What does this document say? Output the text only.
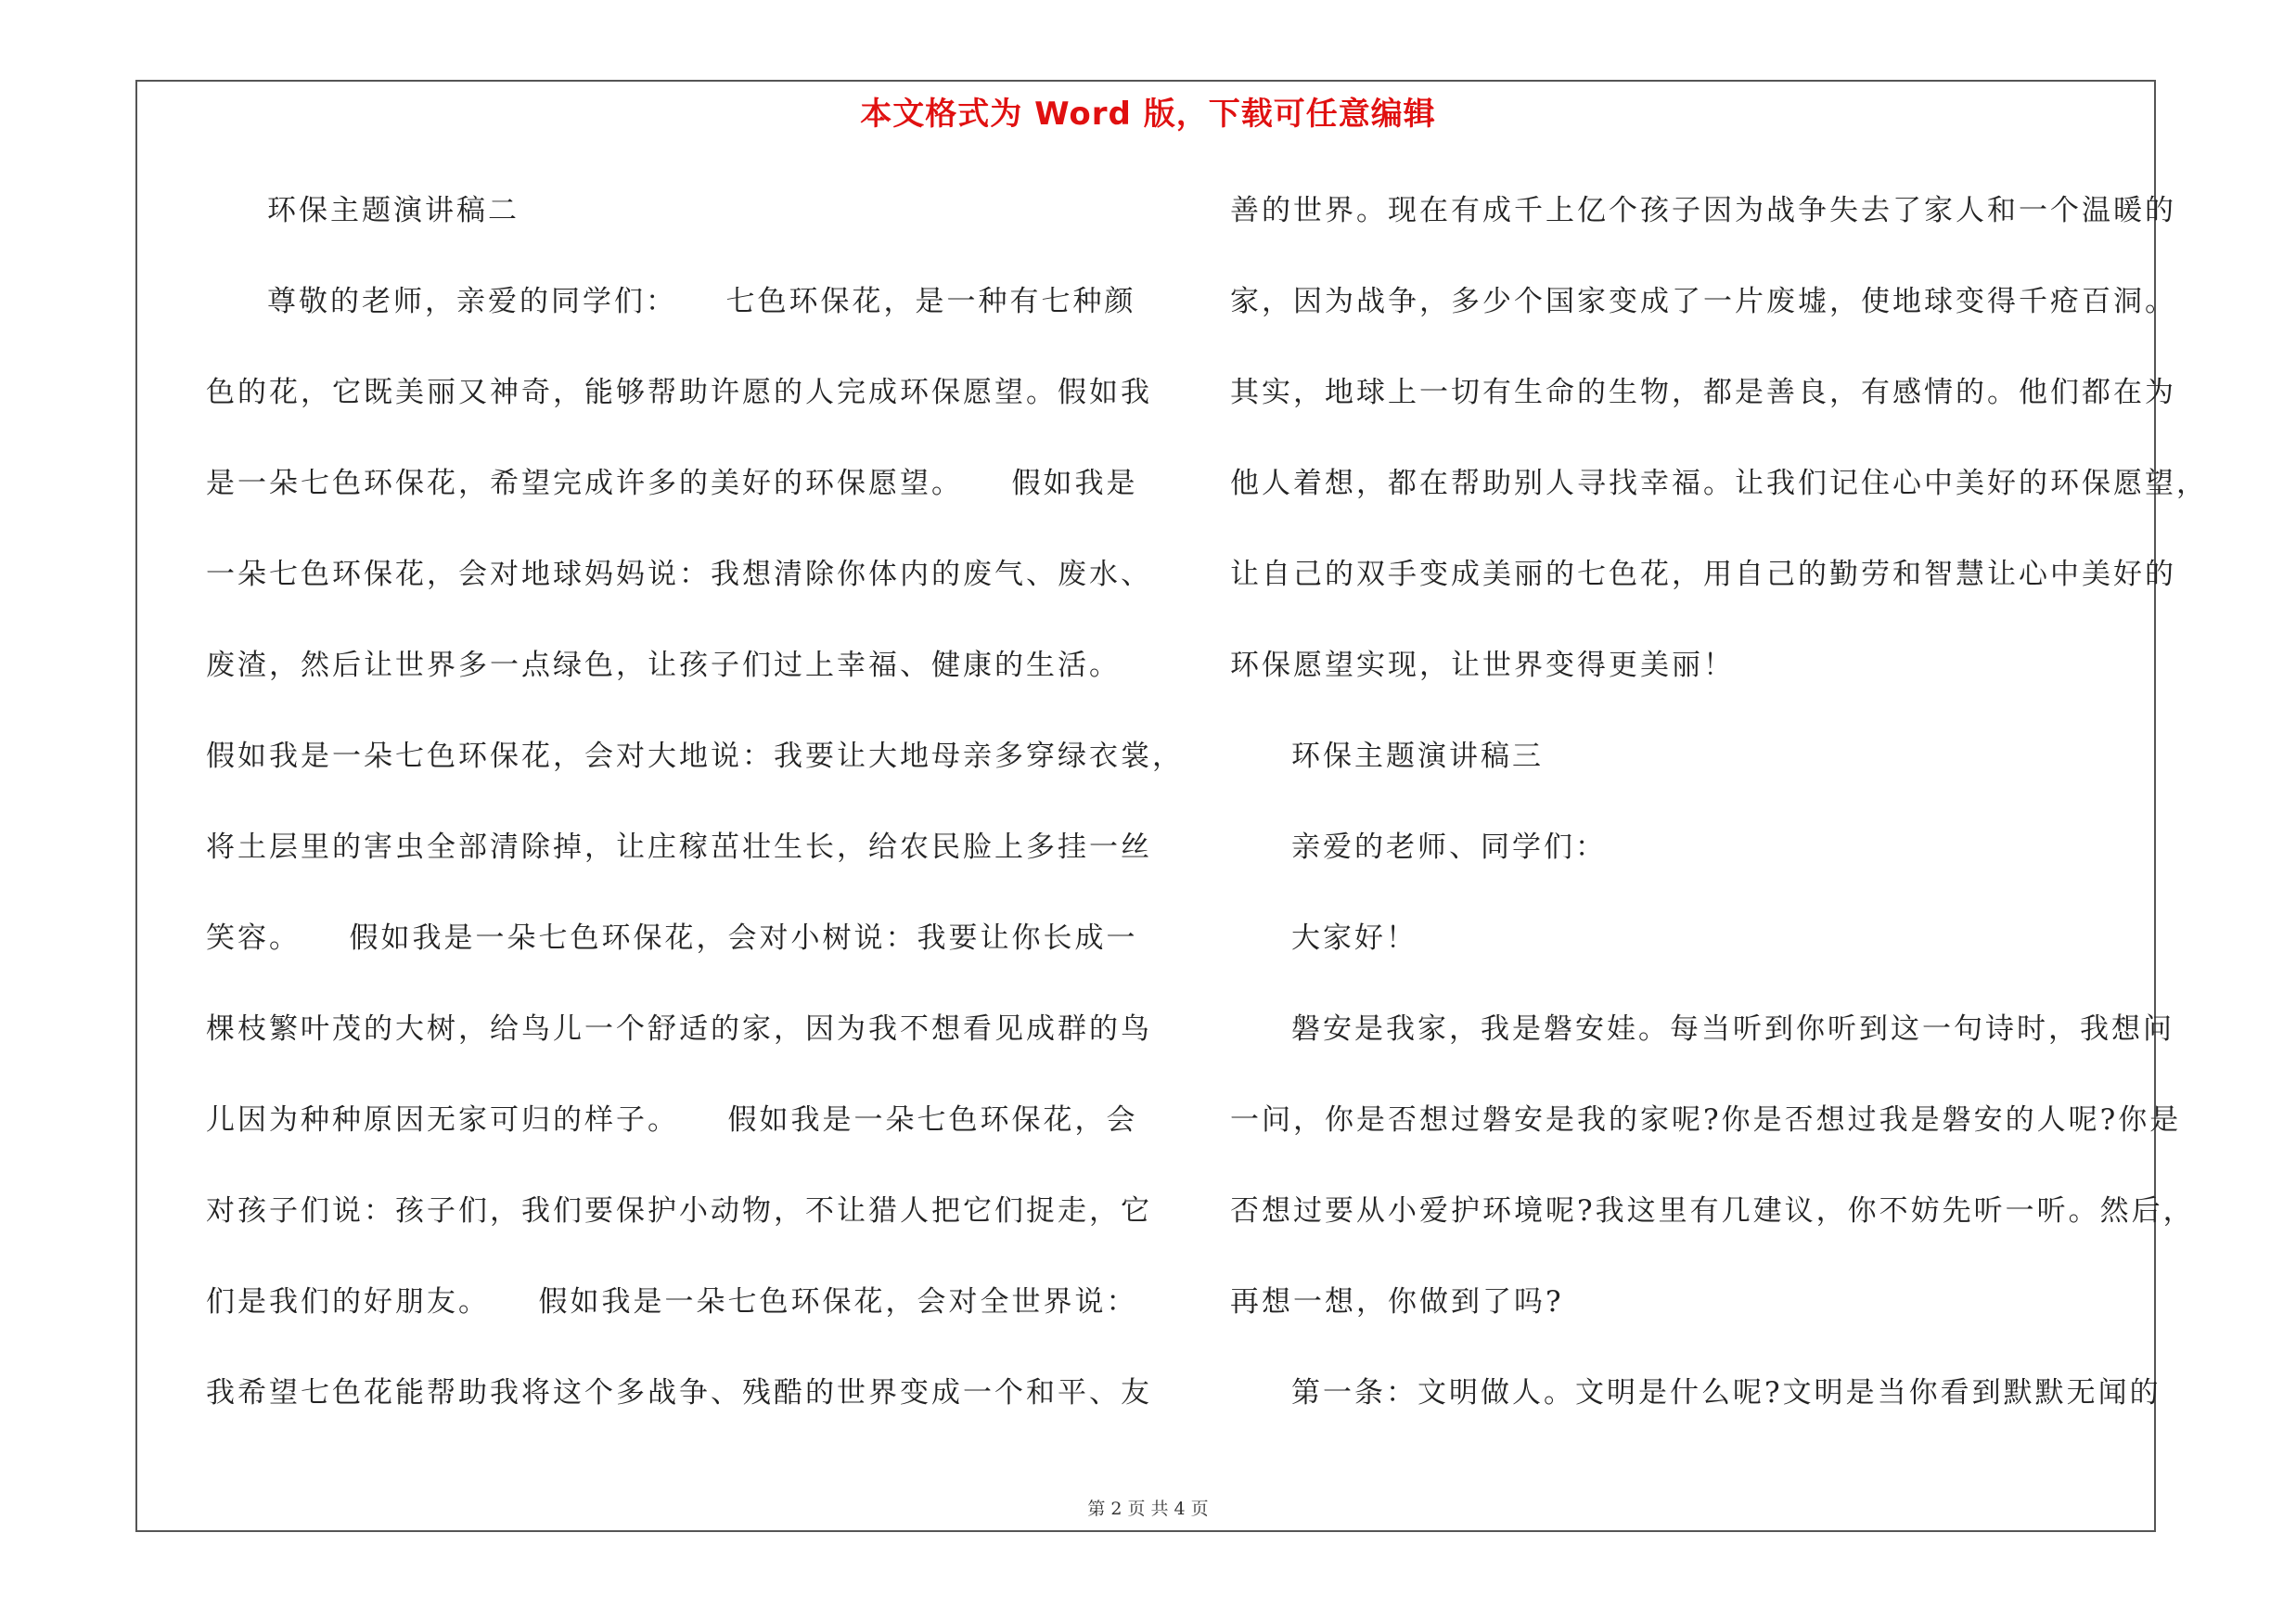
本文格式为 Word 版，下载可任意编辑
环保主题演讲稿二
尊敬的老师，亲爱的同学们：　　七色环保花，是一种有七种颜
色的花，它既美丽又神奇，能够帮助许愿的人完成环保愿望。假如我
是一朵七色环保花，希望完成许多的美好的环保愿望。　　假如我是
一朵七色环保花，会对地球妈妈说：我想清除你体内的废气、废水、
废渣，然后让世界多一点绿色，让孩子们过上幸福、健康的生活。
假如我是一朵七色环保花，会对大地说：我要让大地母亲多穿绿衣裳，
将土层里的害虫全部清除掉，让庄稼茁壮生长，给农民脸上多挂一丝
笑容。　　假如我是一朵七色环保花，会对小树说：我要让你长成一
棵枝繁叶茂的大树，给鸟儿一个舒适的家，因为我不想看见成群的鸟
儿因为种种原因无家可归的样子。　　假如我是一朵七色环保花，会
对孩子们说：孩子们，我们要保护小动物，不让猎人把它们捉走，它
们是我们的好朋友。　　假如我是一朵七色环保花，会对全世界说：
我希望七色花能帮助我将这个多战争、残酷的世界变成一个和平、友
善的世界。现在有成千上亿个孩子因为战争失去了家人和一个温暖的
家，因为战争，多少个国家变成了一片废墟，使地球变得千疮百洞。
其实，地球上一切有生命的生物，都是善良，有感情的。他们都在为
他人着想，都在帮助别人寻找幸福。让我们记住心中美好的环保愿望，
让自己的双手变成美丽的七色花，用自己的勤劳和智慧让心中美好的
环保愿望实现，让世界变得更美丽！
环保主题演讲稿三
亲爱的老师、同学们：
大家好！
磐安是我家，我是磐安娃。每当听到你听到这一句诗时，我想问
一问，你是否想过磐安是我的家呢?你是否想过我是磐安的人呢?你是
否想过要从小爱护环境呢?我这里有几建议，你不妨先听一听。然后，
再想一想，你做到了吗?
第一条：文明做人。文明是什么呢?文明是当你看到默默无闻的
第 2 页 共 4 页
